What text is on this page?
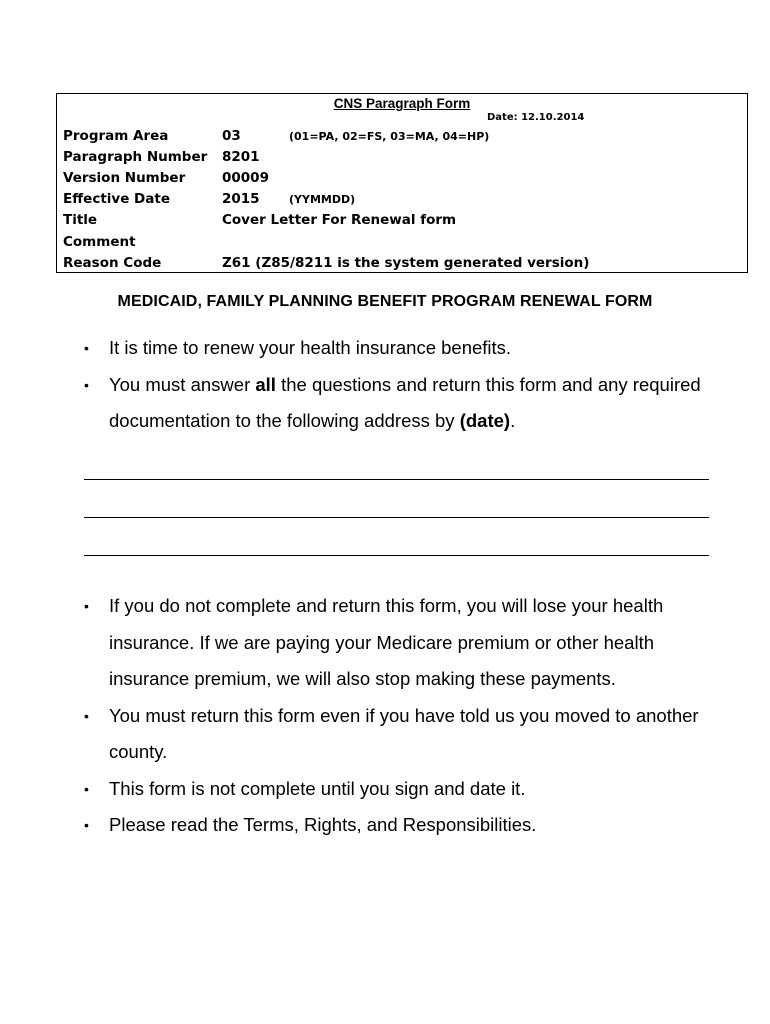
CNS Paragraph Form
Date: 12.10.2014
Program Area	03	(01=PA, 02=FS, 03=MA, 04=HP)
Paragraph Number 8201
Version Number	00009
Effective Date	2015	(YYMMDD)
Title	Cover Letter For Renewal form
Comment
Reason Code	Z61 (Z85/8211 is the system generated version)
MEDICAID, FAMILY PLANNING BENEFIT PROGRAM RENEWAL FORM
• It is time to renew your health insurance benefits.
• You must answer all the questions and return this form and any required documentation to the following address by (date).
• If you do not complete and return this form, you will lose your health insurance. If we are paying your Medicare premium or other health insurance premium, we will also stop making these payments.
• You must return this form even if you have told us you moved to another county.
• This form is not complete until you sign and date it.
• Please read the Terms, Rights, and Responsibilities.
